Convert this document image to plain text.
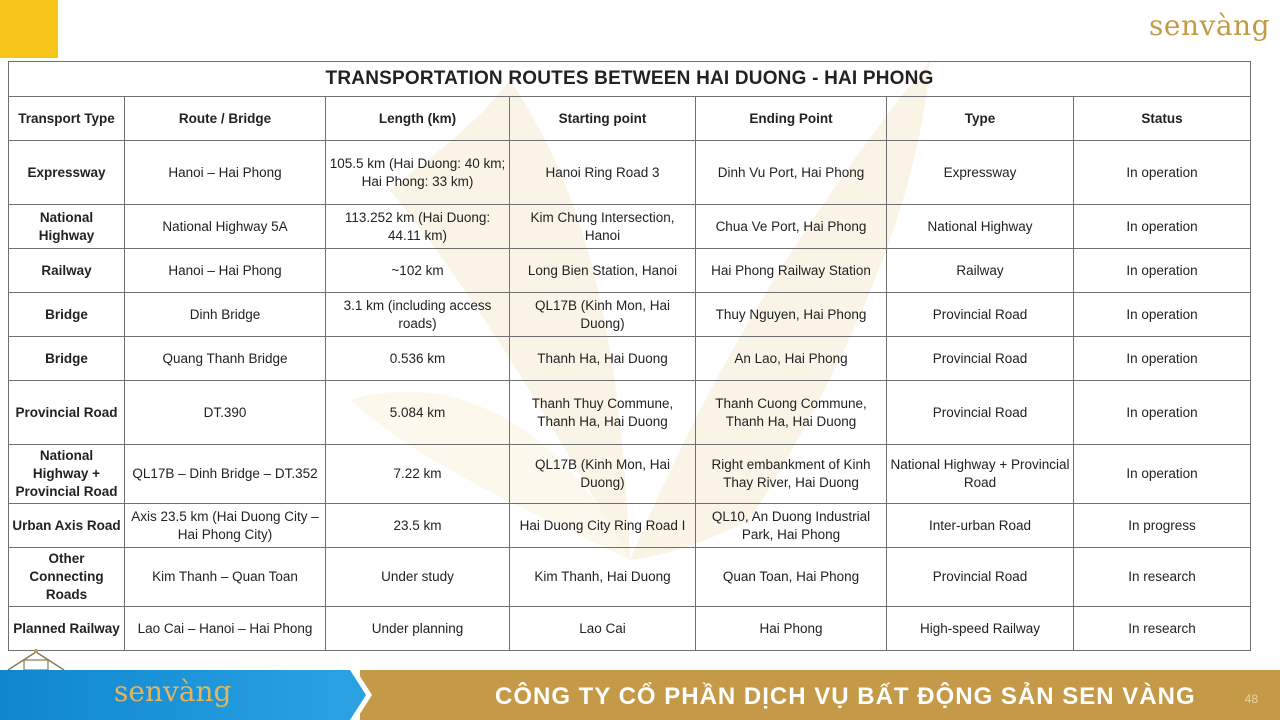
senvàng
TRANSPORTATION ROUTES BETWEEN HAI DUONG - HAI PHONG						
Transport Type	Route / Bridge	Length (km)	Starting point	Ending Point	Type	Status
Expressway	Hanoi – Hai Phong	105.5 km (Hai Duong: 40 km; Hai Phong: 33 km)	Hanoi Ring Road 3	Dinh Vu Port, Hai Phong	Expressway	In operation
National Highway	National Highway 5A	113.252 km (Hai Duong: 44.11 km)	Kim Chung Intersection, Hanoi	Chua Ve Port, Hai Phong	National Highway	In operation
Railway	Hanoi – Hai Phong	~102 km	Long Bien Station, Hanoi	Hai Phong Railway Station	Railway	In operation
Bridge	Dinh Bridge	3.1 km (including access roads)	QL17B (Kinh Mon, Hai Duong)	Thuy Nguyen, Hai Phong	Provincial Road	In operation
Bridge	Quang Thanh Bridge	0.536 km	Thanh Ha, Hai Duong	An Lao, Hai Phong	Provincial Road	In operation
Provincial Road	DT.390	5.084 km	Thanh Thuy Commune, Thanh Ha, Hai Duong	Thanh Cuong Commune, Thanh Ha, Hai Duong	Provincial Road	In operation
National Highway + Provincial Road	QL17B – Dinh Bridge – DT.352	7.22 km	QL17B (Kinh Mon, Hai Duong)	Right embankment of Kinh Thay River, Hai Duong	National Highway + Provincial Road	In operation
Urban Axis Road	Axis 23.5 km (Hai Duong City – Hai Phong City)	23.5 km	Hai Duong City Ring Road I	QL10, An Duong Industrial Park, Hai Phong	Inter-urban Road	In progress
Other Connecting Roads	Kim Thanh – Quan Toan	Under study	Kim Thanh, Hai Duong	Quan Toan, Hai Phong	Provincial Road	In research
Planned Railway	Lao Cai – Hanoi – Hai Phong	Under planning	Lao Cai	Hai Phong	High-speed Railway	In research
senvàng	CÔNG TY CỔ PHẦN DỊCH VỤ BẤT ĐỘNG SẢN SEN VÀNG	48
